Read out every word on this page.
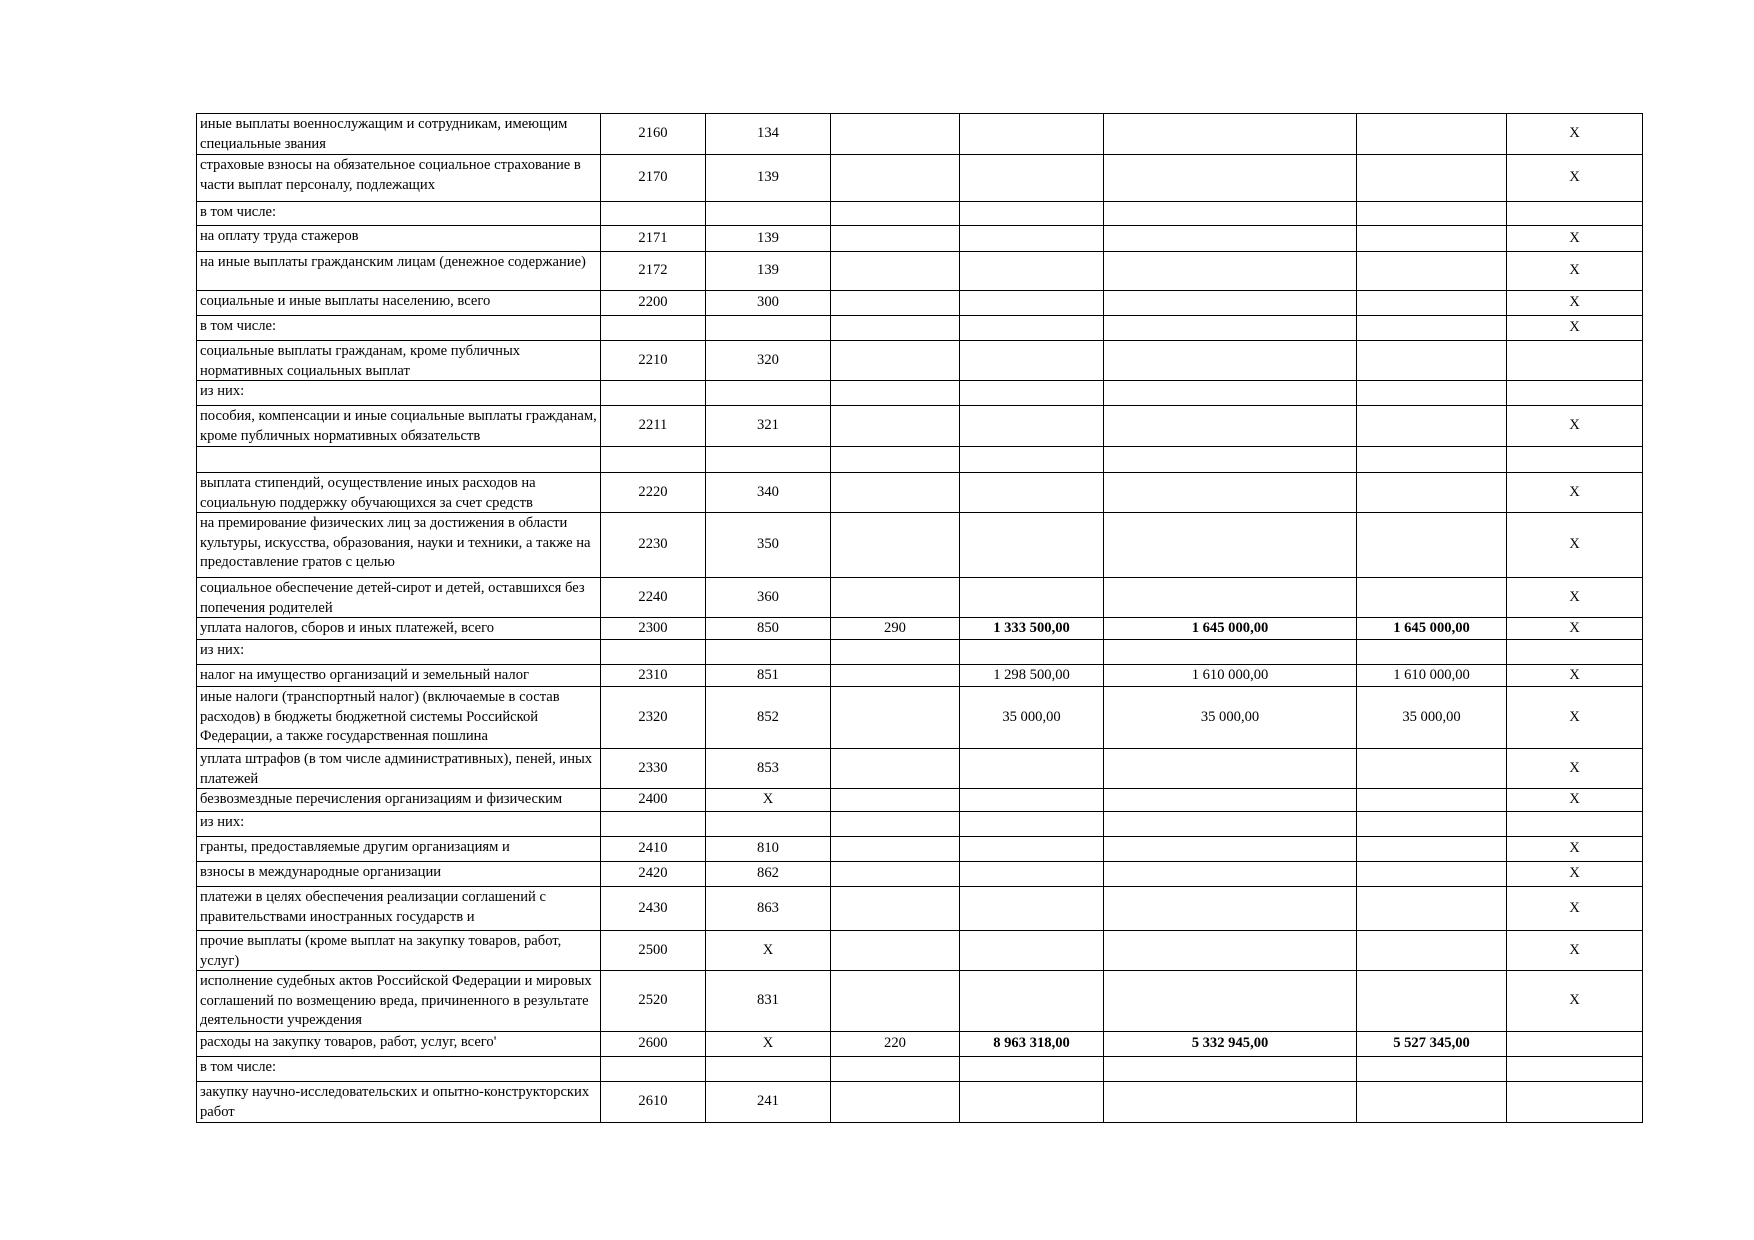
иные выплаты военнослужащим и сотрудникам, имеющим специальные звания	2160	134					X

страховые взносы на обязательное социальное страхование в части выплат персоналу, подлежащих	2170	139					X

в том числе:							

на оплату труда стажеров	2171	139					X

на иные выплаты гражданским лицам (денежное содержание)	2172	139					X

социальные и иные выплаты населению, всего	2200	300					X

в том числе:							X

социальные выплаты гражданам, кроме публичных нормативных социальных выплат	2210	320					

из них:							

пособия, компенсации и иные социальные выплаты гражданам, кроме публичных нормативных обязательств	2211	321					X

выплата стипендий, осуществление иных расходов на социальную поддержку обучающихся за счет средств	2220	340					X

на премирование физических лиц за достижения в области культуры, искусства, образования, науки и техники, а также на предоставление гратов с целью	2230	350					X

социальное обеспечение детей-сирот и детей, оставшихся без попечения родителей	2240	360					X

уплата налогов, сборов и иных платежей, всего	2300	850	290	1 333 500,00	1 645 000,00	1 645 000,00	X

из них:							

налог на имущество организаций и земельный налог	2310	851		1 298 500,00	1 610 000,00	1 610 000,00	X

иные налоги (транспортный налог) (включаемые в состав расходов) в бюджеты бюджетной системы Российской Федерации, а также государственная пошлина	2320	852		35 000,00	35 000,00	35 000,00	X

уплата штрафов (в том числе административных), пеней, иных платежей	2330	853					X

безвозмездные перечисления организациям и физическим	2400	X					X

из них:							

гранты, предоставляемые другим организациям и	2410	810					X

взносы в международные организации	2420	862					X

платежи в целях обеспечения реализации соглашений с правительствами иностранных государств и	2430	863					X

прочие выплаты (кроме выплат на закупку товаров, работ, услуг)	2500	X					X

исполнение судебных актов Российской Федерации и мировых соглашений по возмещению вреда, причиненного в результате деятельности учреждения	2520	831					X

расходы на закупку товаров, работ, услуг, всего'	2600	X	220	8 963 318,00	5 332 945,00	5 527 345,00	

в том числе:							

закупку научно-исследовательских и опытно-конструкторских работ	2610	241					
